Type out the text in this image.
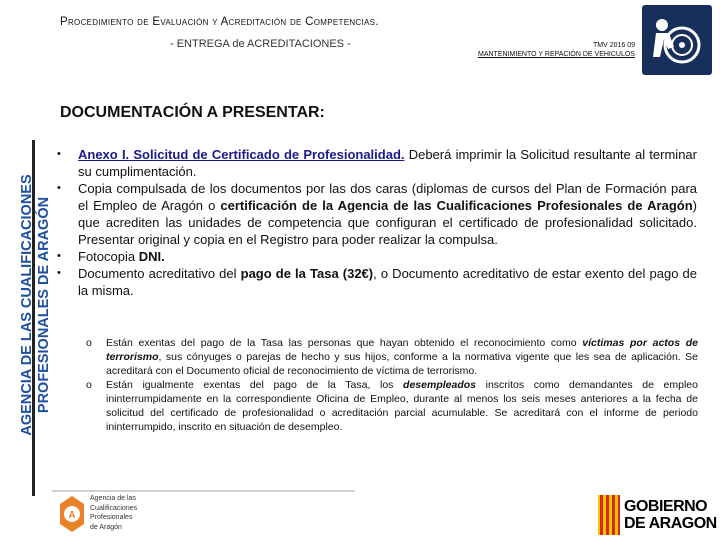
Procedimiento de Evaluación y Acreditación de Competencias.
- ENTREGA de ACREDITACIONES -	TMV 2016 09
MANTENIMIENTO Y REPACIÓN DE VEHICULOS
DOCUMENTACIÓN A PRESENTAR:
AGENCIA DE LAS CUALIFICACIONES PROFESIONALES DE ARAGÓN
• Anexo I. Solicitud de Certificado de Profesionalidad. Deberá imprimir la Solicitud resultante al terminar su cumplimentación.
• Copia compulsada de los documentos por las dos caras (diplomas de cursos del Plan de Formación para el Empleo de Aragón o certificación de la Agencia de las Cualificaciones Profesionales de Aragón) que acrediten las unidades de competencia que configuran el certificado de profesionalidad solicitado. Presentar original y copia en el Registro para poder realizar la compulsa.
• Fotocopia DNI.
• Documento acreditativo del pago de la Tasa (32€), o Documento acreditativo de estar exento del pago de la misma.
o Están exentas del pago de la Tasa las personas que hayan obtenido el reconocimiento como víctimas por actos de terrorismo, sus cónyuges o parejas de hecho y sus hijos, conforme a la normativa vigente que les sea de aplicación. Se acreditará con el Documento oficial de reconocimiento de víctima de terrorismo.
o Están igualmente exentas del pago de la Tasa, los desempleados inscritos como demandantes de empleo ininterrumpidamente en la correspondiente Oficina de Empleo, durante al menos los seis meses anteriores a la fecha de solicitud del certificado de profesionalidad o acreditación parcial acumulable. Se acreditará con el informe de periodo ininterrumpido, inscrito en situación de desempleo.
A
Agencia de las
Cualificaciones
Profesionales
de Aragón
GOBIERNO
DE ARAGON
